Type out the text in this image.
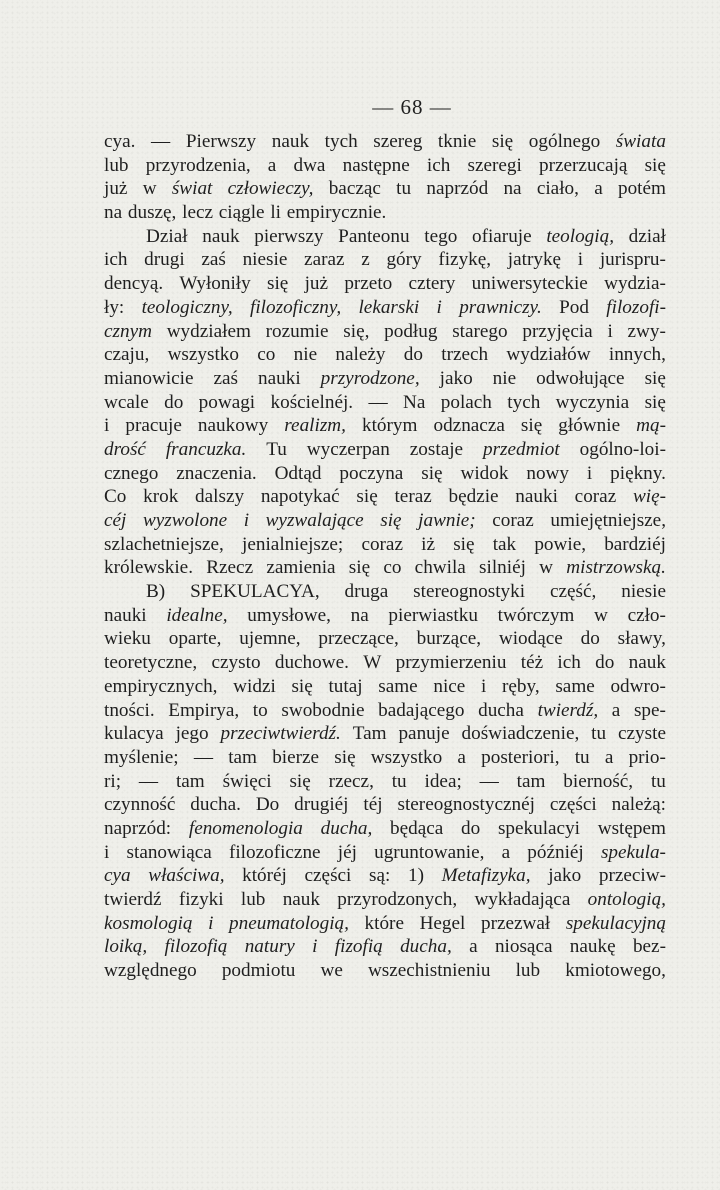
— 68 —
cya. — Pierwszy nauk tych szereg tknie się ogólnego świata
lub przyrodzenia, a dwa następne ich szeregi przerzucają się
już w świat człowieczy, bacząc tu naprzód na ciało, a potém
na duszę, lecz ciągle li empirycznie.
Dział nauk pierwszy Panteonu tego ofiaruje teologią, dział
ich drugi zaś niesie zaraz z góry fizykę, jatrykę i jurispru-
dencyą. Wyłoniły się już przeto cztery uniwersyteckie wydzia-
ły: teologiczny, filozoficzny, lekarski i prawniczy. Pod filozofi-
cznym wydziałem rozumie się, podług starego przyjęcia i zwy-
czaju, wszystko co nie należy do trzech wydziałów innych,
mianowicie zaś nauki przyrodzone, jako nie odwołujące się
wcale do powagi kościelnéj. — Na polach tych wyczynia się
i pracuje naukowy realizm, którym odznacza się głównie mą-
drość francuzka. Tu wyczerpan zostaje przedmiot ogólno-loi-
cznego znaczenia. Odtąd poczyna się widok nowy i piękny.
Co krok dalszy napotykać się teraz będzie nauki coraz wię-
céj wyzwolone i wyzwalające się jawnie; coraz umiejętniejsze,
szlachetniejsze, jenialniejsze; coraz iż się tak powie, bardziéj
królewskie. Rzecz zamienia się co chwila silniéj w mistrzowską.
B) SPEKULACYA, druga stereognostyki część, niesie
nauki idealne, umysłowe, na pierwiastku twórczym w czło-
wieku oparte, ujemne, przeczące, burzące, wiodące do sławy,
teoretyczne, czysto duchowe. W przymierzeniu téż ich do nauk
empirycznych, widzi się tutaj same nice i ręby, same odwro-
tności. Empirya, to swobodnie badającego ducha twierdź, a spe-
kulacya jego przeciwtwierdź. Tam panuje doświadczenie, tu czyste
myślenie; — tam bierze się wszystko a posteriori, tu a prio-
ri; — tam święci się rzecz, tu idea; — tam bierność, tu
czynność ducha. Do drugiéj téj stereognostycznéj części należą:
naprzód: fenomenologia ducha, będąca do spekulacyi wstępem
i stanowiąca filozoficzne jéj ugruntowanie, a późniéj spekula-
cya właściwa, któréj części są: 1) Metafizyka, jako przeciw-
twierdź fizyki lub nauk przyrodzonych, wykładająca ontologią,
kosmologią i pneumatologią, które Hegel przezwał spekulacyjną
loiką, filozofią natury i fizofią ducha, a niosąca naukę bez-
względnego podmiotu we wszechistnieniu lub kmiotowego,
